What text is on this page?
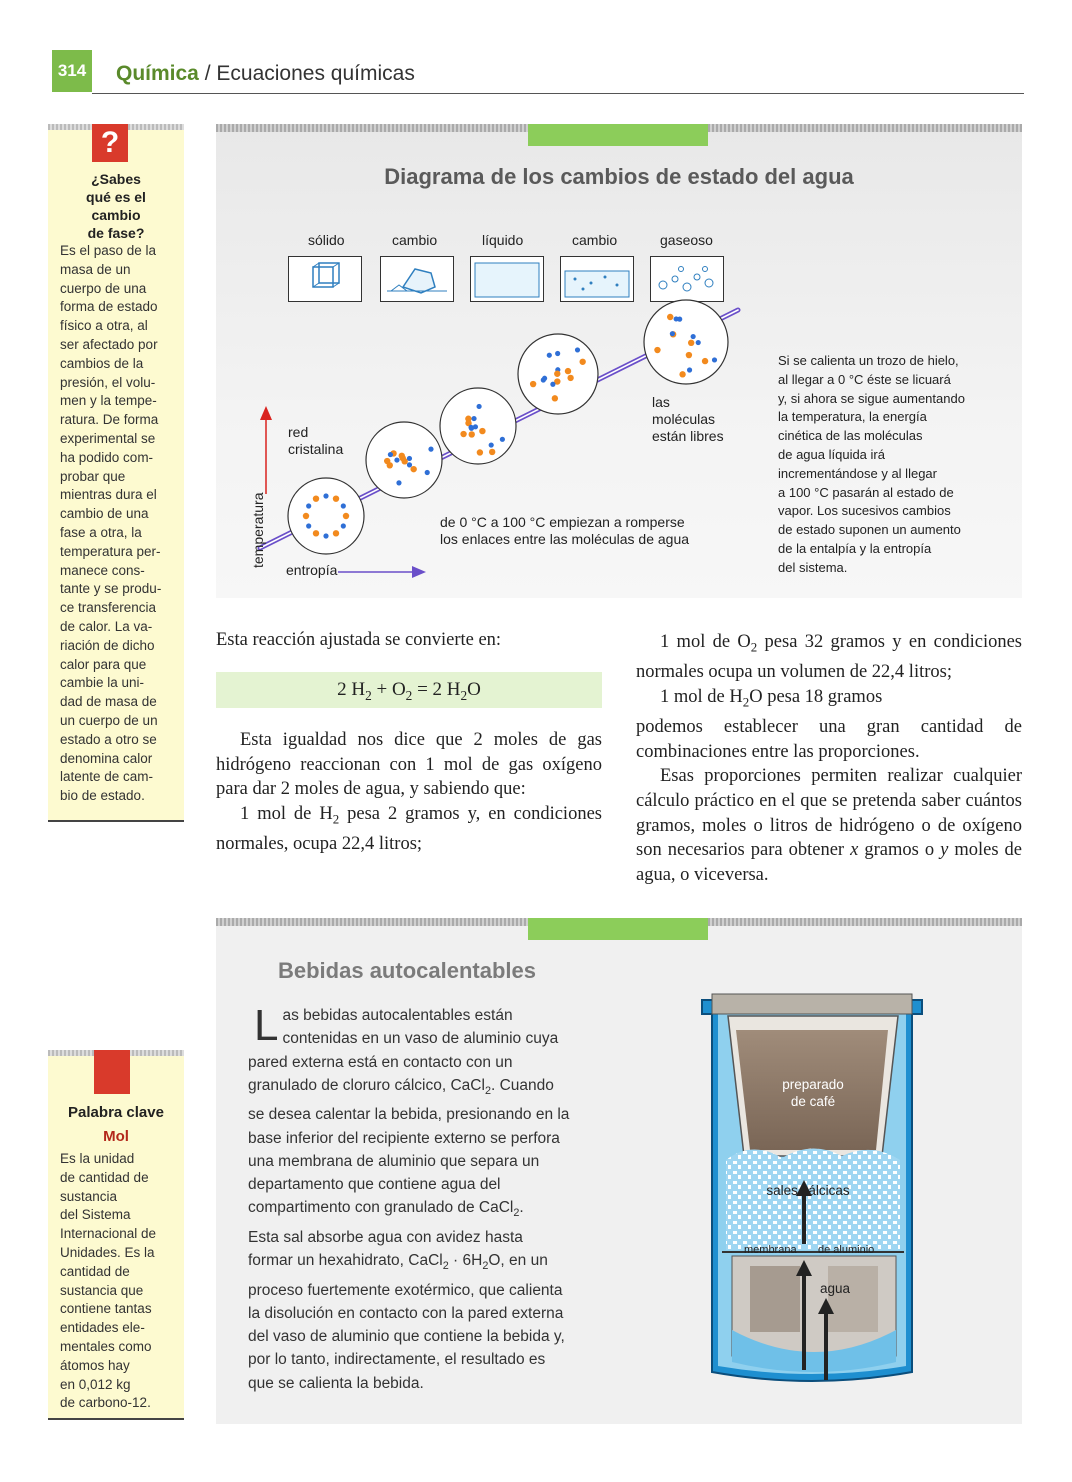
314 Química / Ecuaciones químicas
?
¿Sabes
qué es el
cambio
de fase?
Es el paso de la
masa de un
cuerpo de una
forma de estado
físico a otra, al
ser afectado por
cambios de la
presión, el volu-
men y la tempe-
ratura. De forma
experimental se
ha podido com-
probar que
mientras dura el
cambio de una
fase a otra, la
temperatura per-
manece cons-
tante y se produ-
ce transferencia
de calor. La va-
riación de dicho
calor para que
cambie la uni-
dad de masa de
un cuerpo de un
estado a otro se
denomina calor
latente de cam-
bio de estado.
Palabra clave
Mol
Es la unidad
de cantidad de
sustancia
del Sistema
Internacional de
Unidades. Es la
cantidad de
sustancia que
contiene tantas
entidades ele-
mentales como
átomos hay
en 0,012 kg
de carbono-12.
Diagrama de los cambios de estado del agua
sólido	cambio	líquido	cambio	gaseoso
red
cristalina
las
moléculas
están libres
de 0 °C a 100 °C empiezan a romperse
los enlaces entre las moléculas de agua
temperatura
entropía
Si se calienta un trozo de hielo,
al llegar a 0 °C éste se licuará
y, si ahora se sigue aumentando
la temperatura, la energía
cinética de las moléculas
de agua líquida irá
incrementándose y al llegar
a 100 °C pasarán al estado de
vapor. Los sucesivos cambios
de estado suponen un aumento
de la entalpía y la entropía
del sistema.

Esta reacción ajustada se convierte en:

2 $H_2 + O_2 = 2$ $H_2O$

Esta igualdad nos dice que 2 moles de gas hidrógeno reaccionan con 1 mol de gas oxígeno para dar 2 moles de agua, y sabiendo que:

1 mol de $H_2$ pesa 2 gramos y, en condiciones normales, ocupa 22,4 litros;

1 mol de $O_2$ pesa 32 gramos y en condiciones normales ocupa un volumen de 22,4 litros;

1 mol de $H_2O$ pesa 18 gramos

podemos establecer una gran cantidad de combinaciones entre las proporciones.

Esas proporciones permiten realizar cualquier cálculo práctico en el que se pretenda saber cuántos gramos, moles o litros de hidrógeno o de oxígeno son necesarios para obtener x gramos o y moles de agua, o viceversa.

Bebidas autocalentables
Las bebidas autocalentables están contenidas en un vaso de aluminio cuya pared externa está en contacto con un granulado de cloruro cálcico, CaCl$_2$. Cuando se desea calentar la bebida, presionando en la base inferior del recipiente externo se perfora una membrana de aluminio que separa un departamento que contiene agua del compartimento con granulado de CaCl$_2$.
Esta sal absorbe agua con avidez hasta formar un hexahidrato, CaCl$_2$ · $6H_2O$, en un proceso fuertemente exotérmico, que calienta la disolución en contacto con la pared externa del vaso de aluminio que contiene la bebida y, por lo tanto, indirectamente, el resultado es que se calienta la bebida.
preparado
de café
sales cálcicas
membrana de aluminio
agua
